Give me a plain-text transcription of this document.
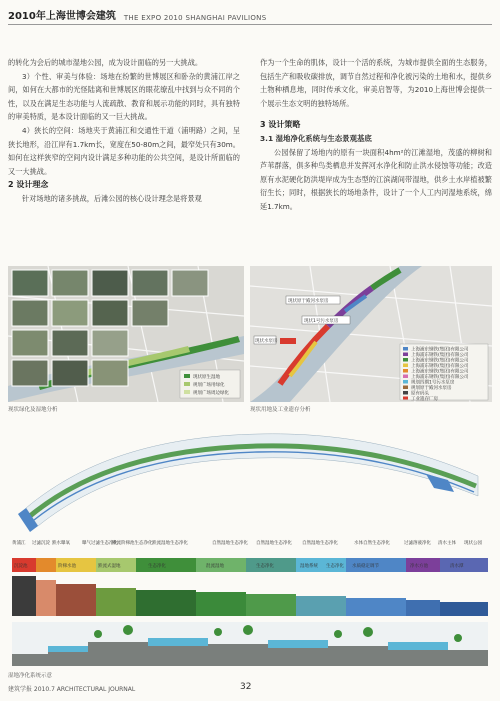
2010年上海世博会建筑 THE EXPO 2010 SHANGHAI PAVILIONS

的转化为会后的城市湿地公园，成为设计面临的另一大挑战。

3）个性、审美与体验：场地在纷繁的世博展区和卧杂的黄浦江岸之间，如何在大都市的光怪陆离和世博展区的眼花缭乱中找到与众不同的个性，以及在满足生态功能与人流疏散、教育和展示功能的同时，具有独特的审美特质，是本设计面临的又一巨大挑战。

4）狭长的空间：场地夹于黄浦江和交通性干道（浦明路）之间，呈狭长地形，沿江岸有1.7km长，宽度在50-80m之间，最窄处只有30m。如何在这样狭窄的空间内设计满足多种功能的公共空间，是设计所面临的又一大挑战。

2 设计理念

针对场地的诸多挑战，后滩公园的核心设计理念是将景观

作为一个生命的肌体，设计一个活的系统，为城市提供全面的生态服务，包括生产和吸收碳排放，调节自然过程和净化被污染的土地和水，提供乡土物种栖息地，同时传承文化，审美启智等，为2010上海世博会提供一个展示生态文明的独特场所。

3 设计策略

3.1 湿地净化系统与生态景观基底

公园保留了场地内的原有一块面积4hm²的江滩湿地，茂盛的柳树和芦苇群落，俱多种鸟类栖息并发挥河水净化和防止洪水侵蚀等功能；改造原有水泥硬化防洪堤岸成为生态型的江滨湖间带湿地，供乡土水岸植被繁衍生长；同时，根据狭长的场地条件，设计了一个人工内河湿地系统，绵延1.7km。

现状原生湿地
规划广场用绿化
规划广场周边绿化
现状绿化及湿地分析
现状原于殿河水泵房
现状1号污水泵房
现状水泵房
上海浦东钢铁(集团)有限公司
上海浦东钢铁(集团)有限公司
上海浦东钢铁(集团)有限公司
上海浦东钢铁(集团)有限公司
上海浦东钢铁(集团)有限公司
上海浦东钢铁(集团)有限公司
规划四期1号污水泵房
规划原于殿河水泵房
原有码头
工业遗存厂房
现状用地及工业遗存分析
黄浦江 过滤沉淀 跌水曝氧	曝气过滤生态净化
跌流阶梯池生态净化 跌流湿地生态净化	自然湿地生态净化 自然湿地生态净化 自然湿地生态净化	水体自然生态净化	过滤溶液净化 清水主体 现状公园
沉淀池	阶梯水池	跌流式湿地	生态净化	混流湿地	生态净化	湿地系统 生态净化 水质稳定调节	净水方池	清水潭
湿地净化系统示意
建筑学报 2010.7 ARCHITECTURAL JOURNAL	32
